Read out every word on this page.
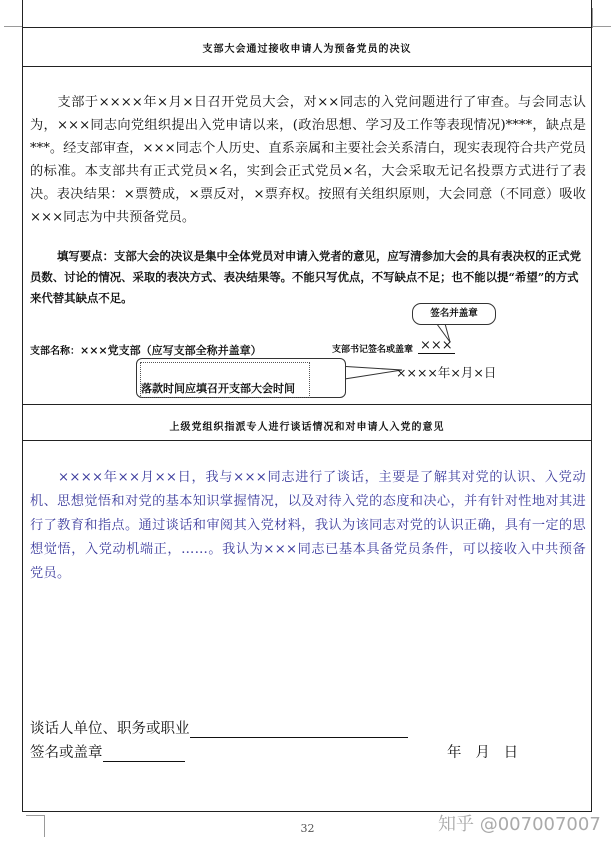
支部大会通过接收申请人为预备党员的决议
支部于××××年×月×日召开党员大会，对××同志的入党问题进行了审查。与会同志认为，×××同志向党组织提出入党申请以来，(政治思想、学习及工作等表现情况)****，缺点是***。经支部审查，×××同志个人历史、直系亲属和主要社会关系清白，现实表现符合共产党员的标准。本支部共有正式党员×名，实到会正式党员×名，大会采取无记名投票方式进行了表决。表决结果：×票赞成，×票反对，×票弃权。按照有关组织原则，大会同意（不同意）吸收×××同志为中共预备党员。
填写要点：支部大会的决议是集中全体党员对申请入党者的意见，应写清参加大会的具有表决权的正式党员数、讨论的情况、采取的表决方式、表决结果等。不能只写优点，不写缺点不足；也不能以提“希望”的方式来代替其缺点不足。
签名并盖章
支部名称： ×××党支部（应写支部全称并盖章）	支部书记签名或盖章 ×××
落款时间应填召开支部大会时间
××××年×月×日
上级党组织指派专人进行谈话情况和对申请人入党的意见
××××年××月××日，我与×××同志进行了谈话，主要是了解其对党的认识、入党动机、思想觉悟和对党的基本知识掌握情况，以及对待入党的态度和决心，并有针对性地对其进行了教育和指点。通过谈话和审阅其入党材料，我认为该同志对党的认识正确，具有一定的思想觉悟，入党动机端正，……。我认为×××同志已基本具备党员条件，可以接收入中共预备党员。
谈话人单位、职务或职业
签名或盖章	年   月   日
32	知乎 @007007007
